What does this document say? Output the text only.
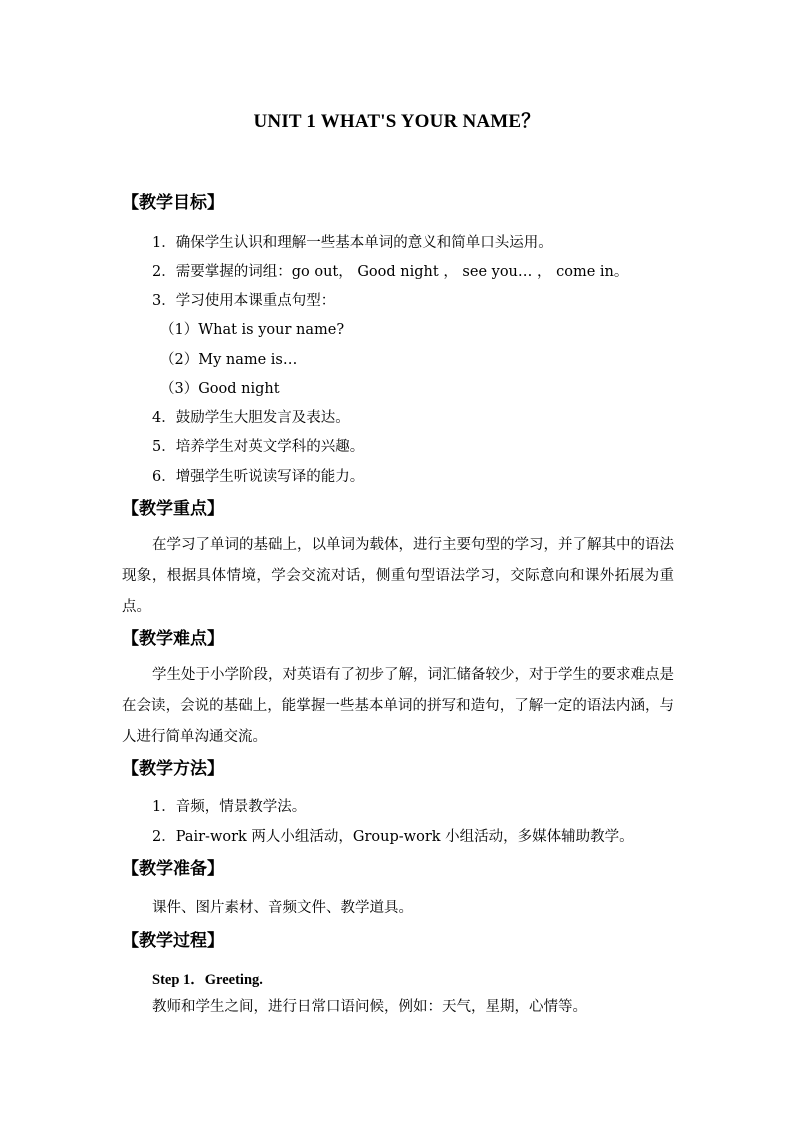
UNIT 1 WHAT'S YOUR NAME？
【教学目标】
1．确保学生认识和理解一些基本单词的意义和简单口头运用。
2．需要掌握的词组：go out， Good night ， see you… ， come in。
3．学习使用本课重点句型：
（1）What is your name?
（2）My name is…
（3）Good night
4．鼓励学生大胆发言及表达。
5．培养学生对英文学科的兴趣。
6．增强学生听说读写译的能力。
【教学重点】
在学习了单词的基础上，以单词为载体，进行主要句型的学习，并了解其中的语法现象，根据具体情境，学会交流对话，侧重句型语法学习，交际意向和课外拓展为重点。
【教学难点】
学生处于小学阶段，对英语有了初步了解，词汇储备较少，对于学生的要求难点是在会读，会说的基础上，能掌握一些基本单词的拼写和造句，了解一定的语法内涵，与人进行简单沟通交流。
【教学方法】
1．音频，情景教学法。
2．Pair-work 两人小组活动，Group-work 小组活动，多媒体辅助教学。
【教学准备】
课件、图片素材、音频文件、教学道具。
【教学过程】
Step 1．Greeting.
教师和学生之间，进行日常口语问候，例如：天气，星期，心情等。
